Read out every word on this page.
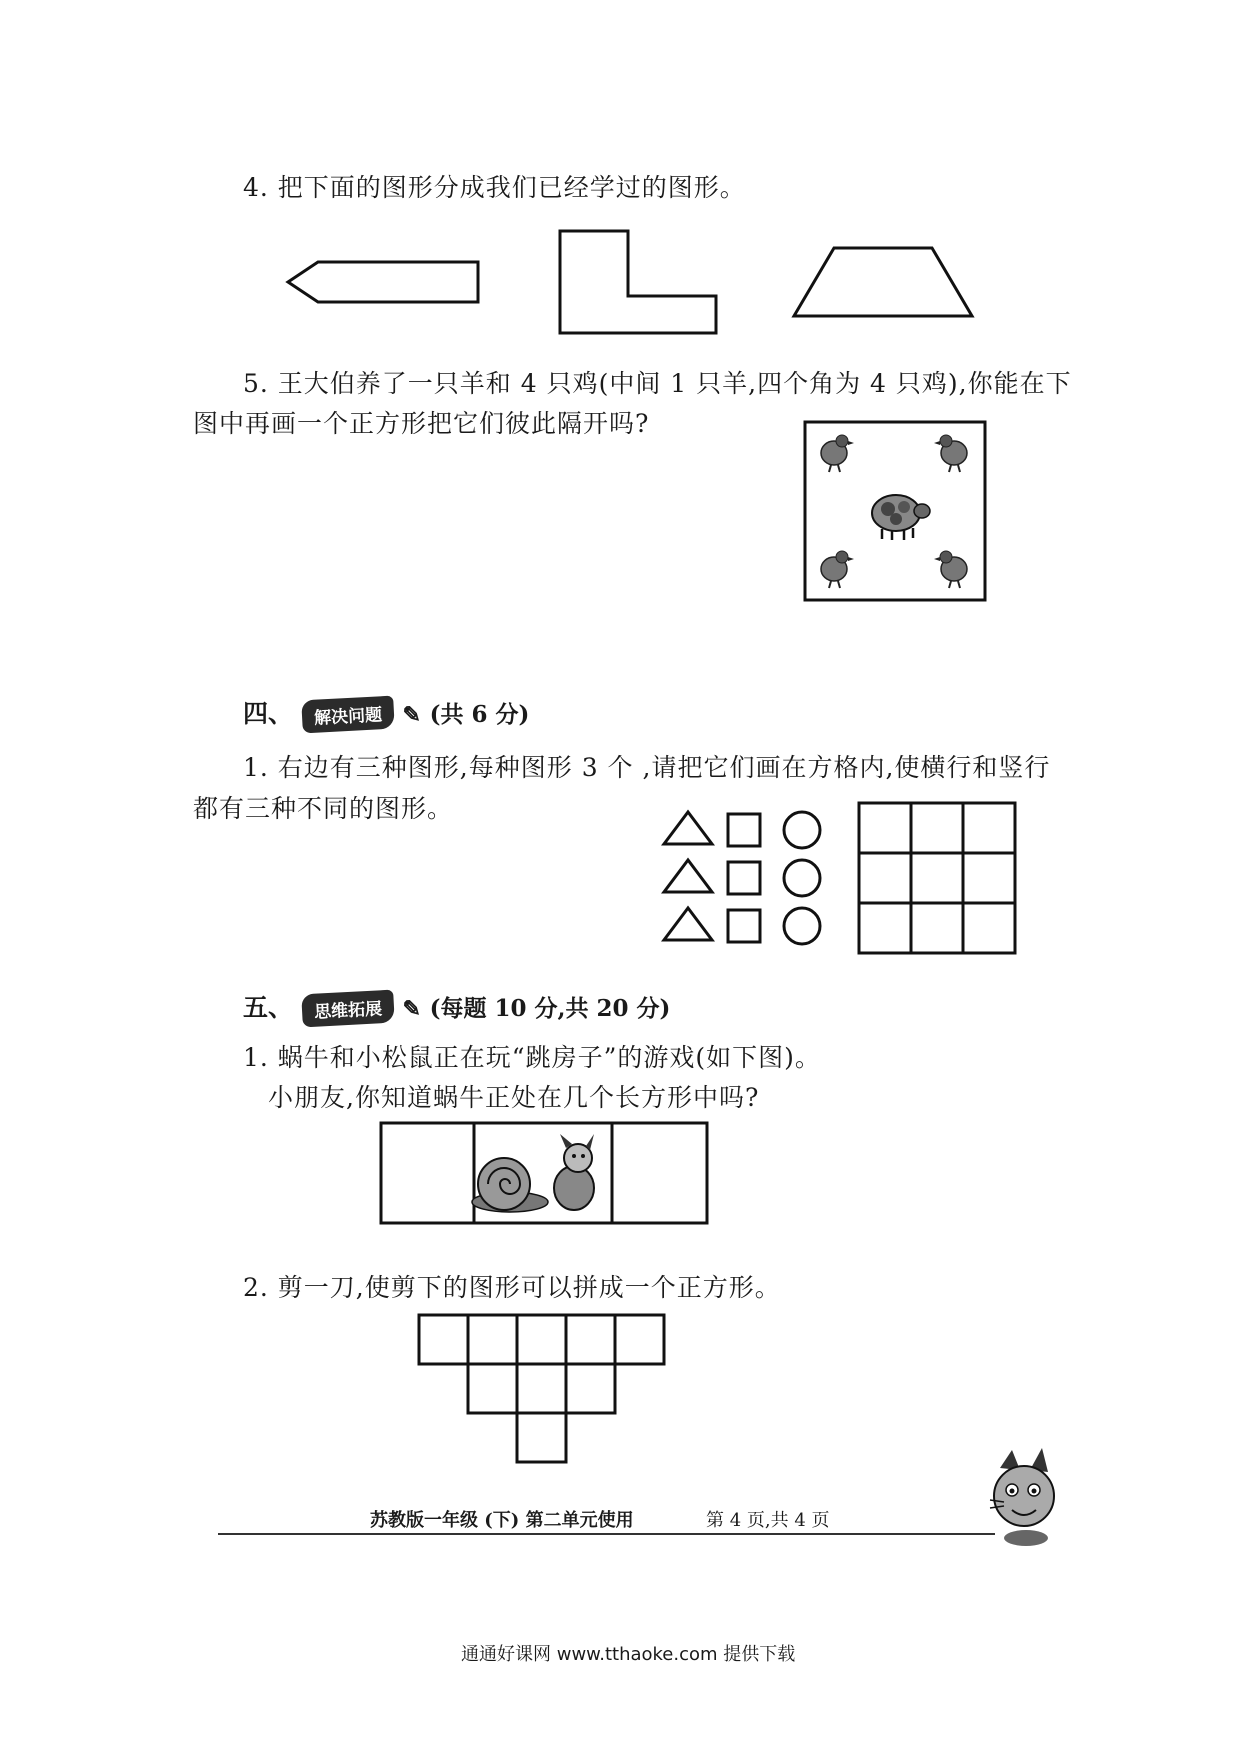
4. 把下面的图形分成我们已经学过的图形。
5. 王大伯养了一只羊和 4 只鸡(中间 1 只羊,四个角为 4 只鸡),你能在下
图中再画一个正方形把它们彼此隔开吗?
四、 解决问题 ✎ (共 6 分)
1. 右边有三种图形,每种图形 3 个 ,请把它们画在方格内,使横行和竖行
都有三种不同的图形。
五、 思维拓展 ✎ (每题 10 分,共 20 分)
1. 蜗牛和小松鼠正在玩“跳房子”的游戏(如下图)。
小朋友,你知道蜗牛正处在几个长方形中吗?
2. 剪一刀,使剪下的图形可以拼成一个正方形。
苏教版一年级 (下) 第二单元使用	第 4 页,共 4 页
通通好课网 www.tthaoke.com 提供下载
